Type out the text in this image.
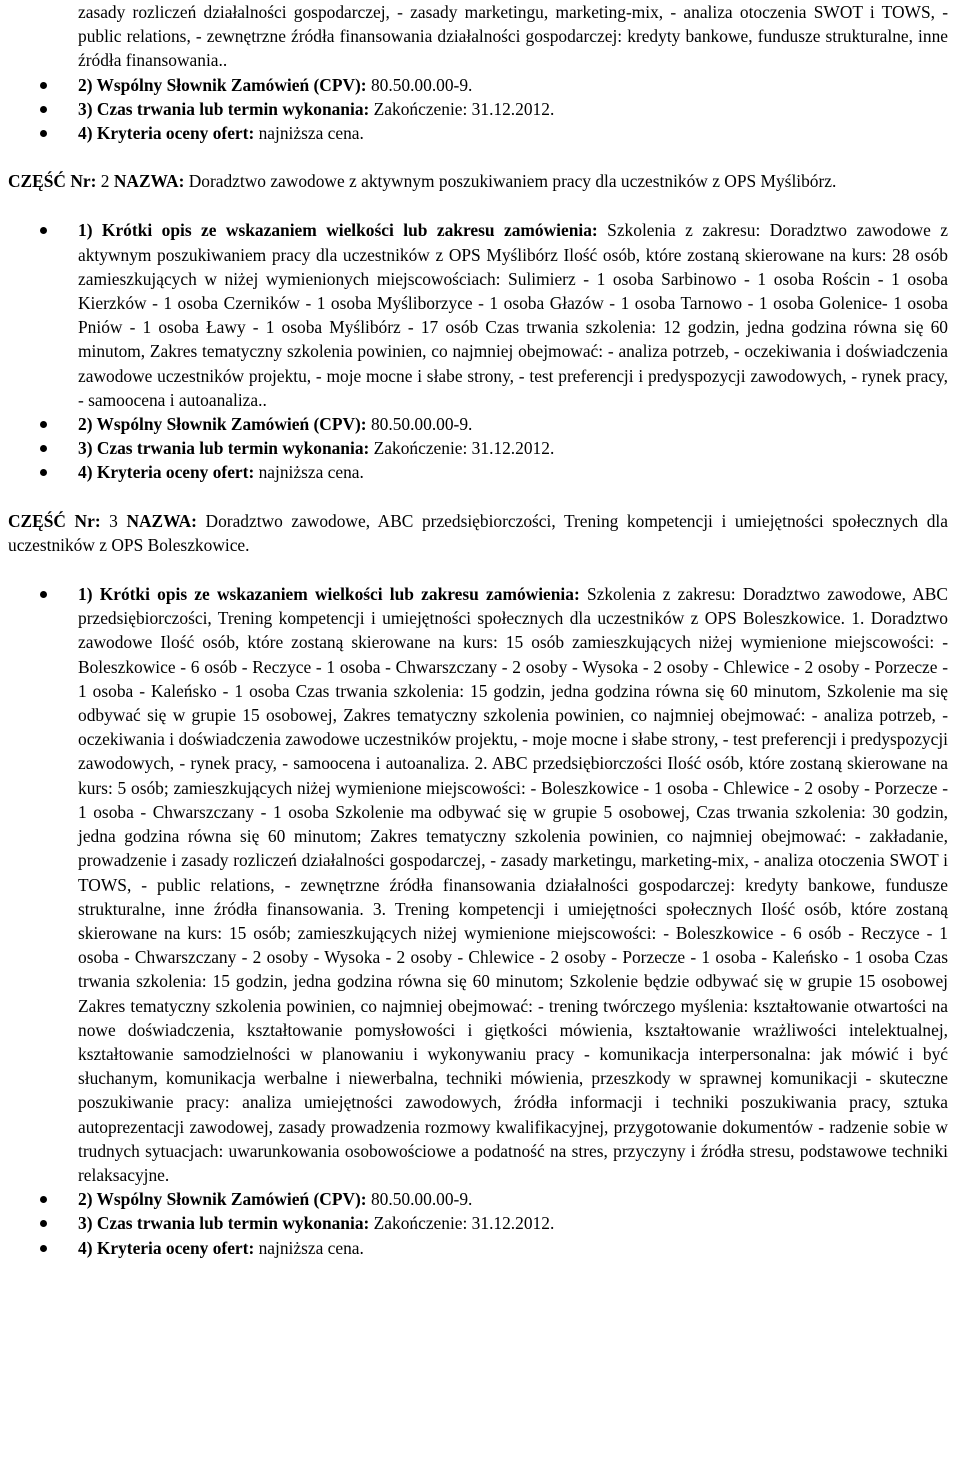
zasady rozliczeń działalności gospodarczej, - zasady marketingu, marketing-mix, - analiza otoczenia SWOT i TOWS, - public relations, - zewnętrzne źródła finansowania działalności gospodarczej: kredyty bankowe, fundusze strukturalne, inne źródła finansowania..

2) Wspólny Słownik Zamówień (CPV): 80.50.00.00-9.
3) Czas trwania lub termin wykonania: Zakończenie: 31.12.2012.
4) Kryteria oceny ofert: najniższa cena.

CZĘŚĆ Nr: 2 NAZWA: Doradztwo zawodowe z aktywnym poszukiwaniem pracy dla uczestników z OPS Myślibórz.

1) Krótki opis ze wskazaniem wielkości lub zakresu zamówienia: Szkolenia z zakresu: Doradztwo zawodowe z aktywnym poszukiwaniem pracy dla uczestników z OPS Myślibórz Ilość osób, które zostaną skierowane na kurs: 28 osób zamieszkujących w niżej wymienionych miejscowościach: Sulimierz - 1 osoba Sarbinowo - 1 osoba Rościn - 1 osoba Kierzków - 1 osoba Czerników - 1 osoba Myśliborzyce - 1 osoba Głazów - 1 osoba Tarnowo - 1 osoba Golenice- 1 osoba Pniów - 1 osoba Ławy - 1 osoba Myślibórz - 17 osób Czas trwania szkolenia: 12 godzin, jedna godzina równa się 60 minutom, Zakres tematyczny szkolenia powinien, co najmniej obejmować: - analiza potrzeb, - oczekiwania i doświadczenia zawodowe uczestników projektu, - moje mocne i słabe strony, - test preferencji i predyspozycji zawodowych, - rynek pracy, - samoocena i autoanaliza..
2) Wspólny Słownik Zamówień (CPV): 80.50.00.00-9.
3) Czas trwania lub termin wykonania: Zakończenie: 31.12.2012.
4) Kryteria oceny ofert: najniższa cena.

CZĘŚĆ Nr: 3 NAZWA: Doradztwo zawodowe, ABC przedsiębiorczości, Trening kompetencji i umiejętności społecznych dla uczestników z OPS Boleszkowice.

1) Krótki opis ze wskazaniem wielkości lub zakresu zamówienia: Szkolenia z zakresu: Doradztwo zawodowe, ABC przedsiębiorczości, Trening kompetencji i umiejętności społecznych dla uczestników z OPS Boleszkowice. 1. Doradztwo zawodowe Ilość osób, które zostaną skierowane na kurs: 15 osób zamieszkujących niżej wymienione miejscowości: - Boleszkowice - 6 osób - Reczyce - 1 osoba - Chwarszczany - 2 osoby - Wysoka - 2 osoby - Chlewice - 2 osoby - Porzecze - 1 osoba - Kaleńsko - 1 osoba Czas trwania szkolenia: 15 godzin, jedna godzina równa się 60 minutom, Szkolenie ma się odbywać się w grupie 15 osobowej, Zakres tematyczny szkolenia powinien, co najmniej obejmować: - analiza potrzeb, - oczekiwania i doświadczenia zawodowe uczestników projektu, - moje mocne i słabe strony, - test preferencji i predyspozycji zawodowych, - rynek pracy, - samoocena i autoanaliza. 2. ABC przedsiębiorczości Ilość osób, które zostaną skierowane na kurs: 5 osób; zamieszkujących niżej wymienione miejscowości: - Boleszkowice - 1 osoba - Chlewice - 2 osoby - Porzecze - 1 osoba - Chwarszczany - 1 osoba Szkolenie ma odbywać się w grupie 5 osobowej, Czas trwania szkolenia: 30 godzin, jedna godzina równa się 60 minutom; Zakres tematyczny szkolenia powinien, co najmniej obejmować: - zakładanie, prowadzenie i zasady rozliczeń działalności gospodarczej, - zasady marketingu, marketing-mix, - analiza otoczenia SWOT i TOWS, - public relations, - zewnętrzne źródła finansowania działalności gospodarczej: kredyty bankowe, fundusze strukturalne, inne źródła finansowania. 3. Trening kompetencji i umiejętności społecznych Ilość osób, które zostaną skierowane na kurs: 15 osób; zamieszkujących niżej wymienione miejscowości: - Boleszkowice - 6 osób - Reczyce - 1 osoba - Chwarszczany - 2 osoby - Wysoka - 2 osoby - Chlewice - 2 osoby - Porzecze - 1 osoba - Kaleńsko - 1 osoba Czas trwania szkolenia: 15 godzin, jedna godzina równa się 60 minutom; Szkolenie będzie odbywać się w grupie 15 osobowej Zakres tematyczny szkolenia powinien, co najmniej obejmować: - trening twórczego myślenia: kształtowanie otwartości na nowe doświadczenia, kształtowanie pomysłowości i giętkości mówienia, kształtowanie wrażliwości intelektualnej, kształtowanie samodzielności w planowaniu i wykonywaniu pracy - komunikacja interpersonalna: jak mówić i być słuchanym, komunikacja werbalne i niewerbalna, techniki mówienia, przeszkody w sprawnej komunikacji - skuteczne poszukiwanie pracy: analiza umiejętności zawodowych, źródła informacji i techniki poszukiwania pracy, sztuka autoprezentacji zawodowej, zasady prowadzenia rozmowy kwalifikacyjnej, przygotowanie dokumentów - radzenie sobie w trudnych sytuacjach: uwarunkowania osobowościowe a podatność na stres, przyczyny i źródła stresu, podstawowe techniki relaksacyjne.
2) Wspólny Słownik Zamówień (CPV): 80.50.00.00-9.
3) Czas trwania lub termin wykonania: Zakończenie: 31.12.2012.
4) Kryteria oceny ofert: najniższa cena.
